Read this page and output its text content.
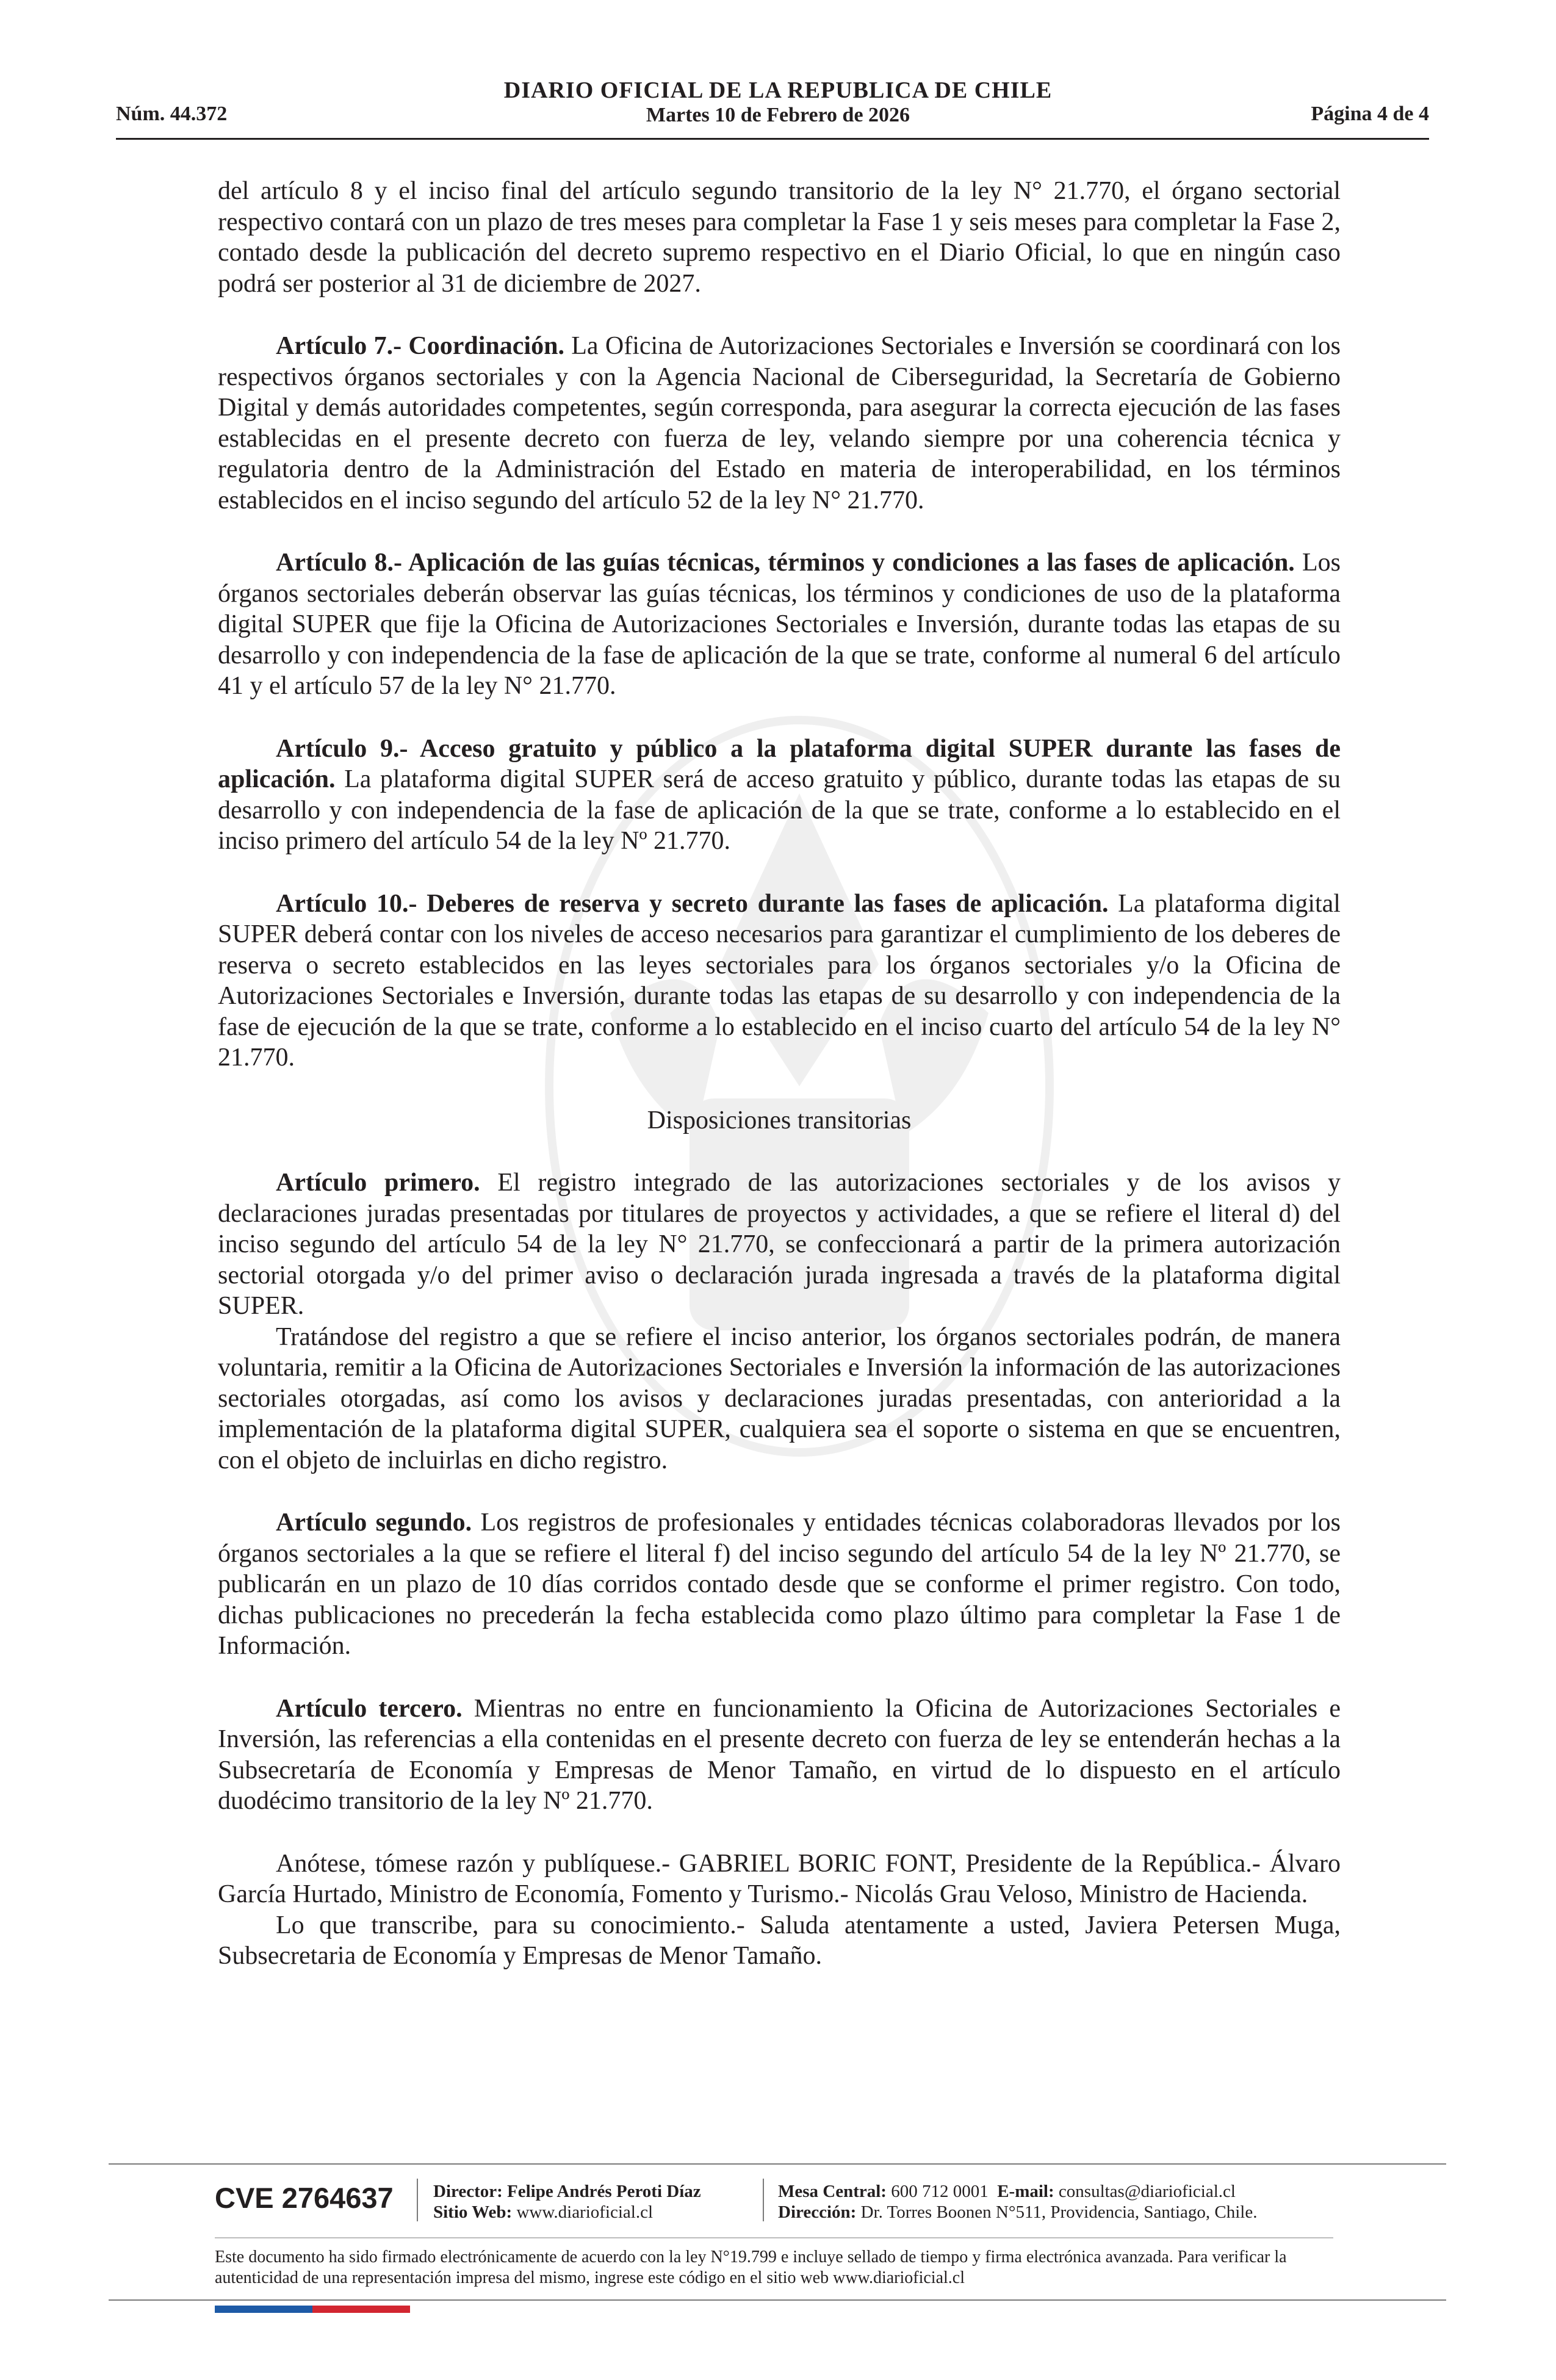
Núm. 44.372
DIARIO OFICIAL DE LA REPUBLICA DE CHILE
Martes 10 de Febrero de 2026	Página 4 de 4

del artículo 8 y el inciso final del artículo segundo transitorio de la ley N° 21.770, el órgano sectorial respectivo contará con un plazo de tres meses para completar la Fase 1 y seis meses para completar la Fase 2, contado desde la publicación del decreto supremo respectivo en el Diario Oficial, lo que en ningún caso podrá ser posterior al 31 de diciembre de 2027.

Artículo 7.- Coordinación. La Oficina de Autorizaciones Sectoriales e Inversión se coordinará con los respectivos órganos sectoriales y con la Agencia Nacional de Ciberseguridad, la Secretaría de Gobierno Digital y demás autoridades competentes, según corresponda, para asegurar la correcta ejecución de las fases establecidas en el presente decreto con fuerza de ley, velando siempre por una coherencia técnica y regulatoria dentro de la Administración del Estado en materia de interoperabilidad, en los términos establecidos en el inciso segundo del artículo 52 de la ley N° 21.770.

Artículo 8.- Aplicación de las guías técnicas, términos y condiciones a las fases de aplicación. Los órganos sectoriales deberán observar las guías técnicas, los términos y condiciones de uso de la plataforma digital SUPER que fije la Oficina de Autorizaciones Sectoriales e Inversión, durante todas las etapas de su desarrollo y con independencia de la fase de aplicación de la que se trate, conforme al numeral 6 del artículo 41 y el artículo 57 de la ley N° 21.770.

Artículo 9.- Acceso gratuito y público a la plataforma digital SUPER durante las fases de aplicación. La plataforma digital SUPER será de acceso gratuito y público, durante todas las etapas de su desarrollo y con independencia de la fase de aplicación de la que se trate, conforme a lo establecido en el inciso primero del artículo 54 de la ley Nº 21.770.

Artículo 10.- Deberes de reserva y secreto durante las fases de aplicación. La plataforma digital SUPER deberá contar con los niveles de acceso necesarios para garantizar el cumplimiento de los deberes de reserva o secreto establecidos en las leyes sectoriales para los órganos sectoriales y/o la Oficina de Autorizaciones Sectoriales e Inversión, durante todas las etapas de su desarrollo y con independencia de la fase de ejecución de la que se trate, conforme a lo establecido en el inciso cuarto del artículo 54 de la ley N° 21.770.

Disposiciones transitorias

Artículo primero. El registro integrado de las autorizaciones sectoriales y de los avisos y declaraciones juradas presentadas por titulares de proyectos y actividades, a que se refiere el literal d) del inciso segundo del artículo 54 de la ley N° 21.770, se confeccionará a partir de la primera autorización sectorial otorgada y/o del primer aviso o declaración jurada ingresada a través de la plataforma digital SUPER.

Tratándose del registro a que se refiere el inciso anterior, los órganos sectoriales podrán, de manera voluntaria, remitir a la Oficina de Autorizaciones Sectoriales e Inversión la información de las autorizaciones sectoriales otorgadas, así como los avisos y declaraciones juradas presentadas, con anterioridad a la implementación de la plataforma digital SUPER, cualquiera sea el soporte o sistema en que se encuentren, con el objeto de incluirlas en dicho registro.

Artículo segundo. Los registros de profesionales y entidades técnicas colaboradoras llevados por los órganos sectoriales a la que se refiere el literal f) del inciso segundo del artículo 54 de la ley Nº 21.770, se publicarán en un plazo de 10 días corridos contado desde que se conforme el primer registro. Con todo, dichas publicaciones no precederán la fecha establecida como plazo último para completar la Fase 1 de Información.

Artículo tercero. Mientras no entre en funcionamiento la Oficina de Autorizaciones Sectoriales e Inversión, las referencias a ella contenidas en el presente decreto con fuerza de ley se entenderán hechas a la Subsecretaría de Economía y Empresas de Menor Tamaño, en virtud de lo dispuesto en el artículo duodécimo transitorio de la ley Nº 21.770.

Anótese, tómese razón y publíquese.- GABRIEL BORIC FONT, Presidente de la República.- Álvaro García Hurtado, Ministro de Economía, Fomento y Turismo.- Nicolás Grau Veloso, Ministro de Hacienda.

Lo que transcribe, para su conocimiento.- Saluda atentamente a usted, Javiera Petersen Muga, Subsecretaria de Economía y Empresas de Menor Tamaño.

CVE 2764637 Director: Felipe Andrés Peroti Díaz
Sitio Web: www.diarioficial.cl
Mesa Central: 600 712 0001 E-mail: consultas@diarioficial.cl
Dirección: Dr. Torres Boonen N°511, Providencia, Santiago, Chile.
Este documento ha sido firmado electrónicamente de acuerdo con la ley N°19.799 e incluye sellado de tiempo y firma electrónica avanzada. Para verificar la autenticidad de una representación impresa del mismo, ingrese este código en el sitio web www.diarioficial.cl
